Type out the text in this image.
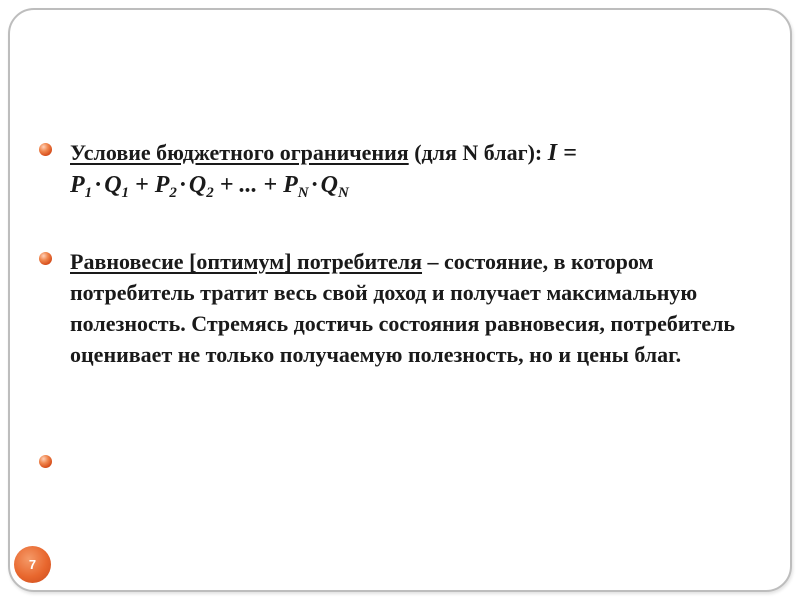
Условие бюджетного ограничения (для N благ): I =
$P_1\cdot Q_1 + P_2\cdot Q_2$ + ... + $P_N\cdot Q_N$
Равновесие [оптимум] потребителя – состояние, в котором потребитель тратит весь свой доход и получает максимальную полезность. Стремясь достичь состояния равновесия, потребитель оценивает не только получаемую полезность, но и цены благ.
7
